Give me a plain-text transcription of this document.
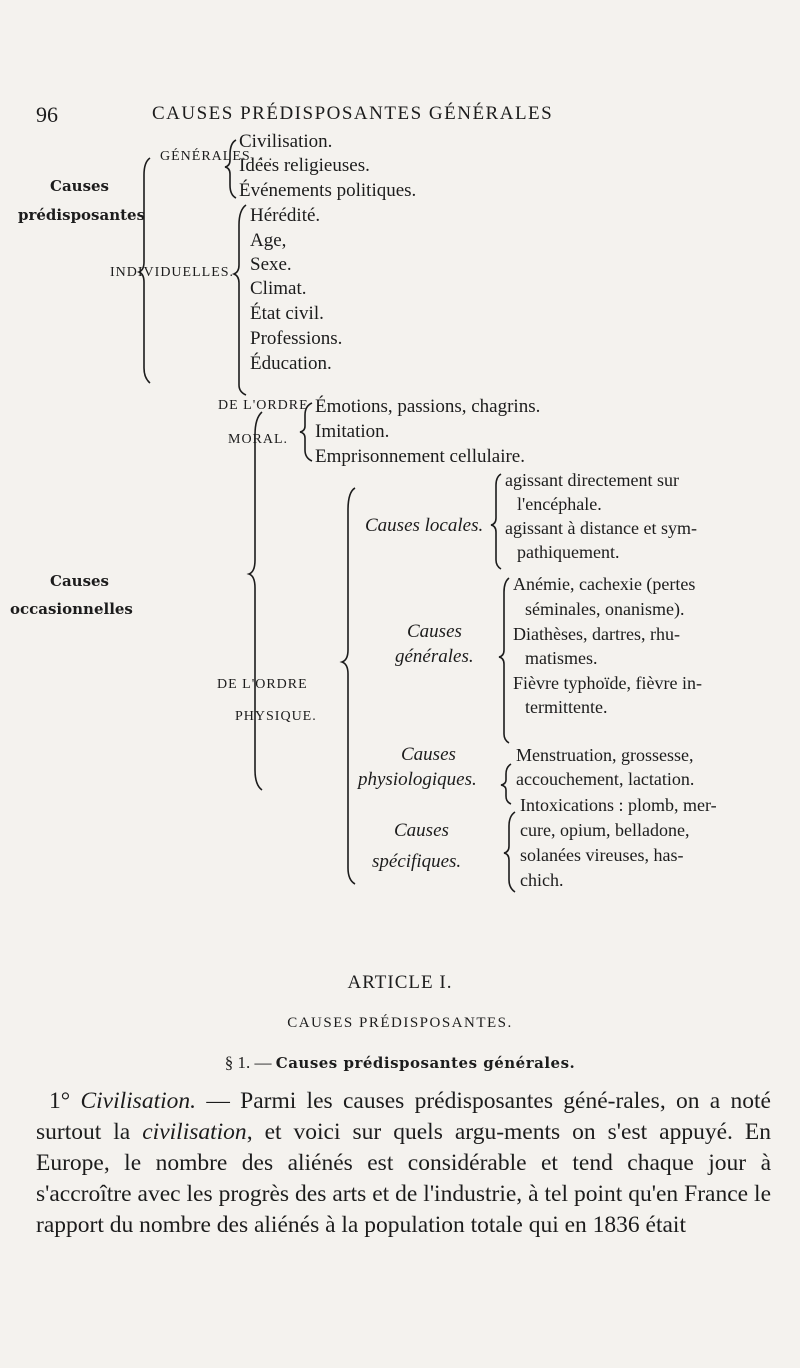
96	CAUSES PRÉDISPOSANTES GÉNÉRALES
Causes
prédisposantes
GÉNÉRALES. . .
Civilisation.
Idées religieuses.
Événements politiques.
INDIVIDUELLES.
Hérédité.
Age,
Sexe.
Climat.
État civil.
Professions.
Éducation.
Causes
occasionnelles
DE L'ORDRE
MORAL.
Émotions, passions, chagrins.
Imitation.
Emprisonnement cellulaire.
DE L'ORDRE
PHYSIQUE.
Causes locales.
agissant directement sur
l'encéphale.
agissant à distance et sym-
pathiquement.
Causes
générales.
Anémie, cachexie (pertes
séminales, onanisme).
Diathèses, dartres, rhu-
matismes.
Fièvre typhoïde, fièvre in-
termittente.
Causes
physiologiques.
Menstruation, grossesse,
accouchement, lactation.
Causes
spécifiques.
Intoxications : plomb, mer-
cure, opium, belladone,
solanées vireuses, has-
chich.
ARTICLE I.
CAUSES PRÉDISPOSANTES.
§ 1. — Causes prédisposantes générales.
1° Civilisation. — Parmi les causes prédisposantes géné-rales, on a noté surtout la civilisation, et voici sur quels argu-ments on s'est appuyé. En Europe, le nombre des aliénés est considérable et tend chaque jour à s'accroître avec les progrès des arts et de l'industrie, à tel point qu'en France le rapport du nombre des aliénés à la population totale qui en 1836 était
